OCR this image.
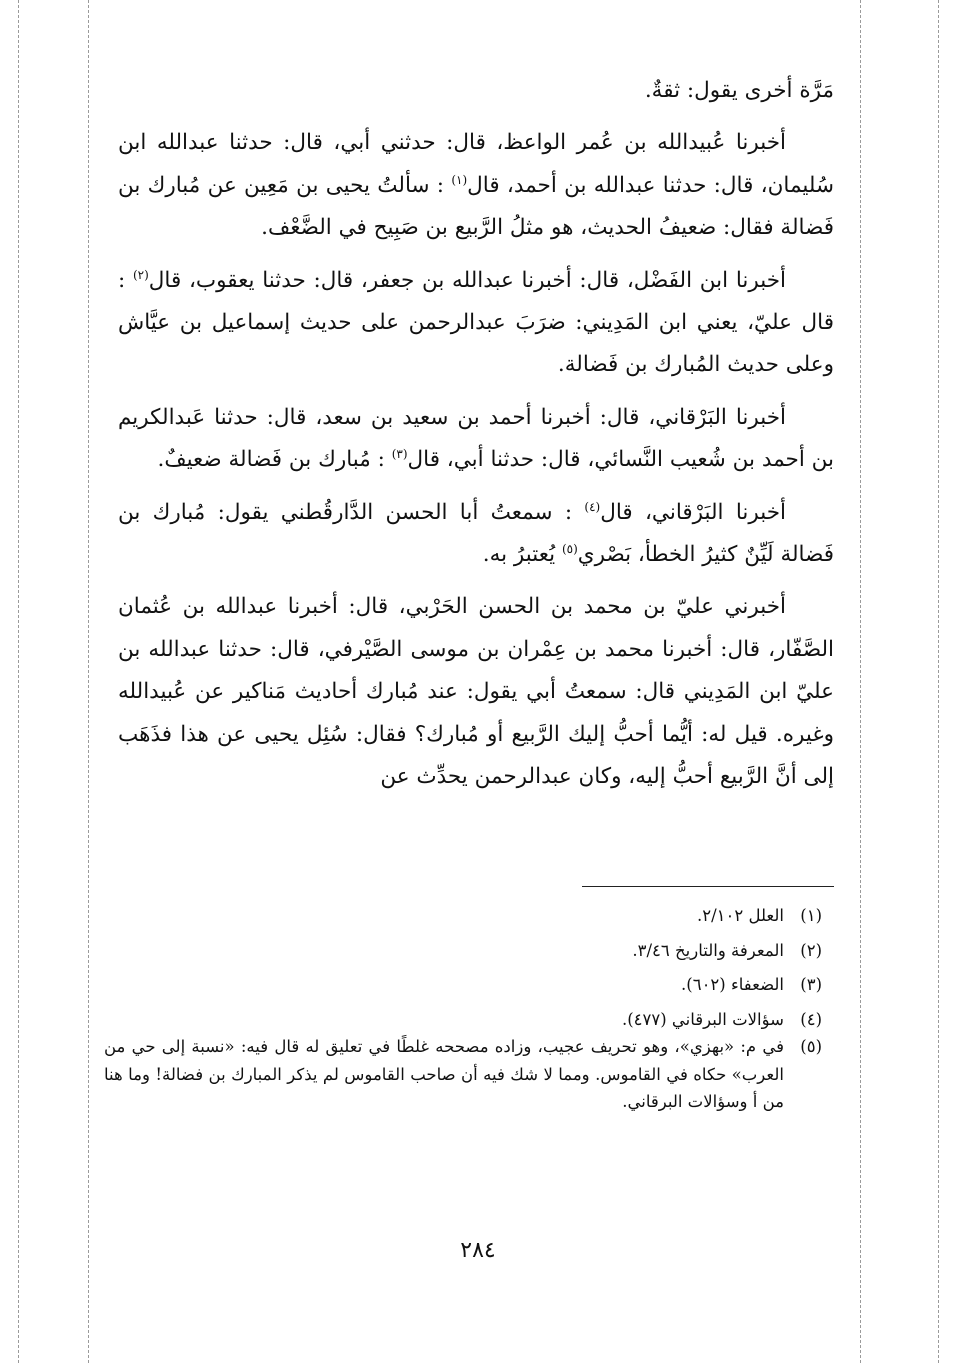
مَرَّة أخرى يقول: ثقةٌ.

أخبرنا عُبيدالله بن عُمر الواعظ، قال: حدثني أبي، قال: حدثنا عبدالله ابن سُليمان، قال: حدثنا عبدالله بن أحمد، قال$^{(١)}$ : سألتُ يحيى بن مَعِين عن مُبارك بن فَضالة فقال: ضعيفُ الحديث، هو مثلُ الرَّبيع بن صَبِيح في الضَّعْف.

أخبرنا ابن الفَضْل، قال: أخبرنا عبدالله بن جعفر، قال: حدثنا يعقوب، قال$^{(٢)}$ : قال عليّ، يعني ابن المَدِيني: ضرَبَ عبدالرحمن على حديث إسماعيل بن عيَّاش وعلى حديث المُبارك بن فَضالة.

أخبرنا البَرْقاني، قال: أخبرنا أحمد بن سعيد بن سعد، قال: حدثنا عَبدالكريم بن أحمد بن شُعيب النَّسائي، قال: حدثنا أبي، قال$^{(٣)}$ : مُبارك بن فَضالة ضعيفٌ.

أخبرنا البَرْقاني، قال$^{(٤)}$ : سمعتُ أبا الحسن الدَّارقُطني يقول: مُبارك بن فَضالة لَيِّنٌ كثيرُ الخطأ، بَصْري$^{(٥)}$ يُعتبرُ به.

أخبرني عليّ بن محمد بن الحسن الحَرْبي، قال: أخبرنا عبدالله بن عُثمان الصَّفّار، قال: أخبرنا محمد بن عِمْران بن موسى الصَّيْرفي، قال: حدثنا عبدالله بن عليّ ابن المَدِيني قال: سمعتُ أبي يقول: عند مُبارك أحاديث مَناكير عن عُبيدالله وغيره. قيل له: أيُّما أحبُّ إليك الرَّبيع أو مُبارك؟ فقال: سُئِل يحيى عن هذا فذَهَب إلى أنَّ الرَّبيع أحبُّ إليه، وكان عبدالرحمن يحدِّث عن

(١)
العلل ٢/١٠٢.
(٢)
المعرفة والتاريخ ٣/٤٦.
(٣)
الضعفاء (٦٠٢).
(٤)
سؤالات البرقاني (٤٧٧).
(٥)
في م: «بهزي»، وهو تحريف عجيب، وزاده مصححه غلطًا في تعليق له قال فيه: «نسبة إلى حي من العرب» حكاه في القاموس. ومما لا شك فيه أن صاحب القاموس لم يذكر المبارك بن فضالة! وما هنا من أ وسؤالات البرقاني.
٢٨٤
